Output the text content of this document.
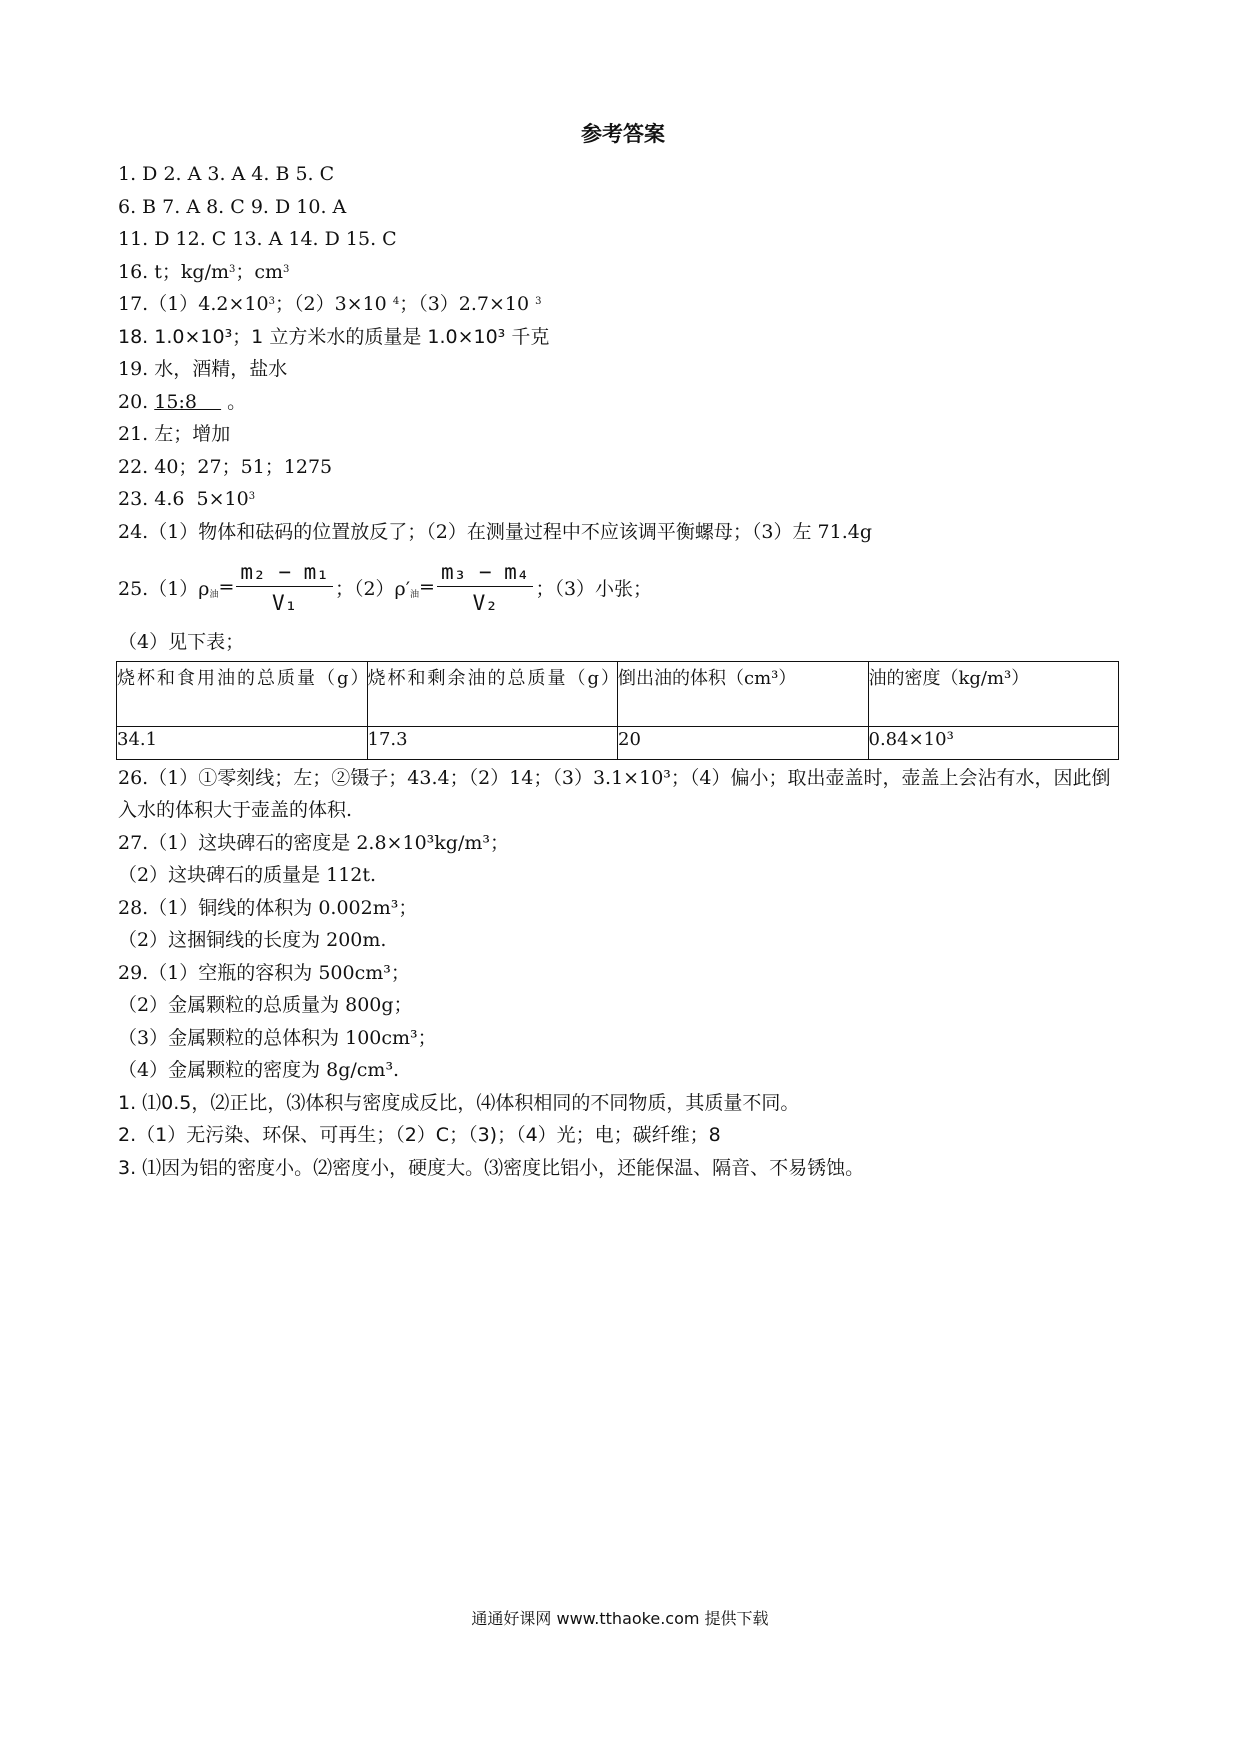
参考答案
1. D 2. A 3. A 4. B 5. C
6. B 7. A 8. C 9. D 10. A
11. D 12. C 13. A 14. D 15. C
16. t；$kg/m^3$；$cm^3$
$17.(1)4.2\times 10^3$；（2）3×10 $^4$；（3）2.7×10 $^3$
18. 1.0×10³；1 立方米水的质量是 1.0×10³ 千克
19. 水，酒精，盐水
20. 15:8     。
21. 左；增加
22. 40；27；51；1275
23. 4.6  $5\times 10^3$
24.（1）物体和砝码的位置放反了；（2）在测量过程中不应该调平衡螺母；（3）左 71.4g
$25.(1)\rho_油 = \frac{\text{m₂ − m₁}}{\text{V₁}}$ ；$(2)\rho'_油 = \frac{\text{m₃ − m₄}}{\text{V₂}}$ ；（3）小张；
（4）见下表；
烧杯和食用油的总质量（g）	烧杯和剩余油的总质量（g）	倒出油的体积（cm³）	油的密度（kg/m³）
34.1	17.3	20	0.84×10³
26.（1）①零刻线；左；②镊子；43.4；（2）14；（3）3.1×10³；（4）偏小；取出壶盖时，壶盖上会沾有水，因此倒入水的体积大于壶盖的体积.
27.（1）这块碑石的密度是 2.8×10³kg/m³；
（2）这块碑石的质量是 112t.
28.（1）铜线的体积为 0.002m³；
（2）这捆铜线的长度为 200m.
29.（1）空瓶的容积为 500cm³；
（2）金属颗粒的总质量为 800g；
（3）金属颗粒的总体积为 100cm³；
（4）金属颗粒的密度为 8g/cm³.
1. ⑴0.5，⑵正比，⑶体积与密度成反比，⑷体积相同的不同物质，其质量不同。
2.（1）无污染、环保、可再生；（2）C；（3)；（4）光；电；碳纤维；8
3. ⑴因为铝的密度小。⑵密度小，硬度大。⑶密度比铝小，还能保温、隔音、不易锈蚀。
通通好课网 www.tthaoke.com 提供下载
